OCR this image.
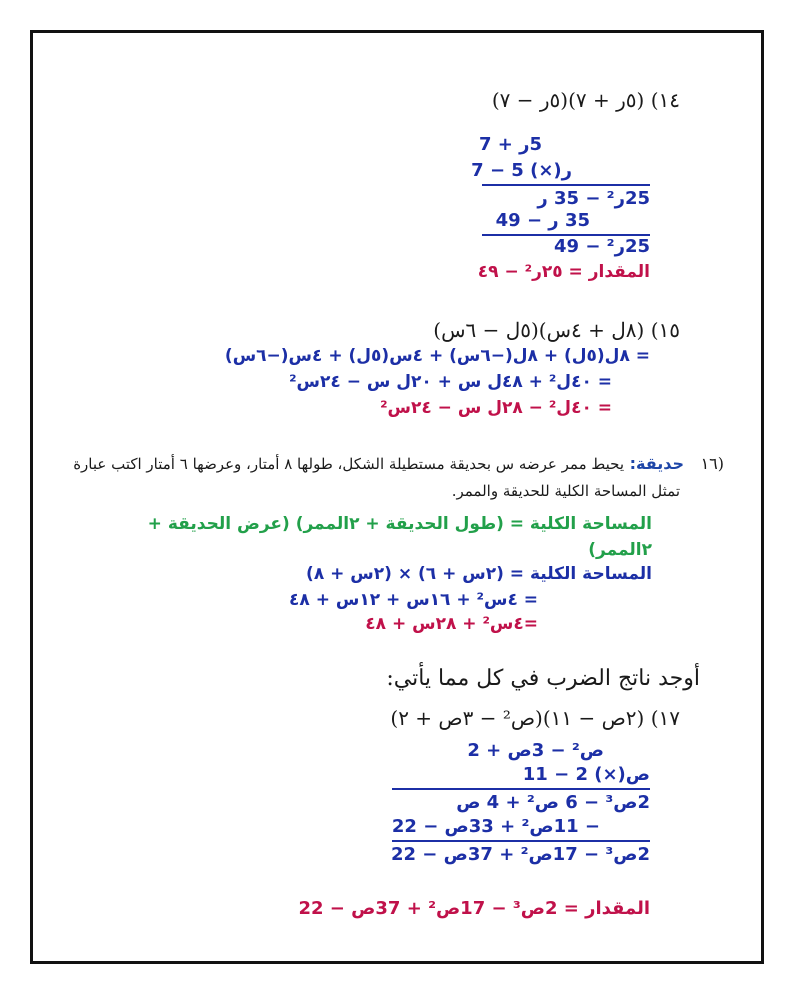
١٤) (٥ر + ٧)(٥ر − ٧)
5ر + 7
ر(×) 5 − 7
25ر² − 35 ر
35 ر − 49
25ر² − 49
المقدار = ٢٥ر² − ٤٩
١٥) (٨ل + ٤س)(٥ل − ٦س)
= ٨ل(٥ل) + ٨ل(−٦س) + ٤س(٥ل) + ٤س(−٦س)
= ٤٠ل² + ٤٨ل س + ٢٠ل س − ٢٤س²
= ٤٠ل² − ٢٨ل س − ٢٤س²
١٦)
حديقة:
يحيط ممر عرضه س بحديقة مستطيلة الشكل، طولها ٨ أمتار، وعرضها ٦ أمتار اكتب عبارة
تمثل المساحة الكلية للحديقة والممر.
المساحة الكلية = (طول الحديقة + ٢الممر) (عرض الحديقة +
٢الممر)
المساحة الكلية = (٢س + ٦) × (٢س + ٨)
= ٤س² + ١٦س + ١٢س + ٤٨
=٤س² + ٢٨س + ٤٨
أوجد ناتج الضرب في كل مما يأتي:
١٧) (٢ص − ١١)(ص² − ٣ص + ٢)
ص² − 3ص + 2
ص(×) 2 − 11
2ص³ − 6 ص² + 4 ص
− 11ص² + 33ص − 22
2ص³ − 17ص² + 37ص − 22
المقدار = 2ص³ − 17ص² + 37ص − 22
